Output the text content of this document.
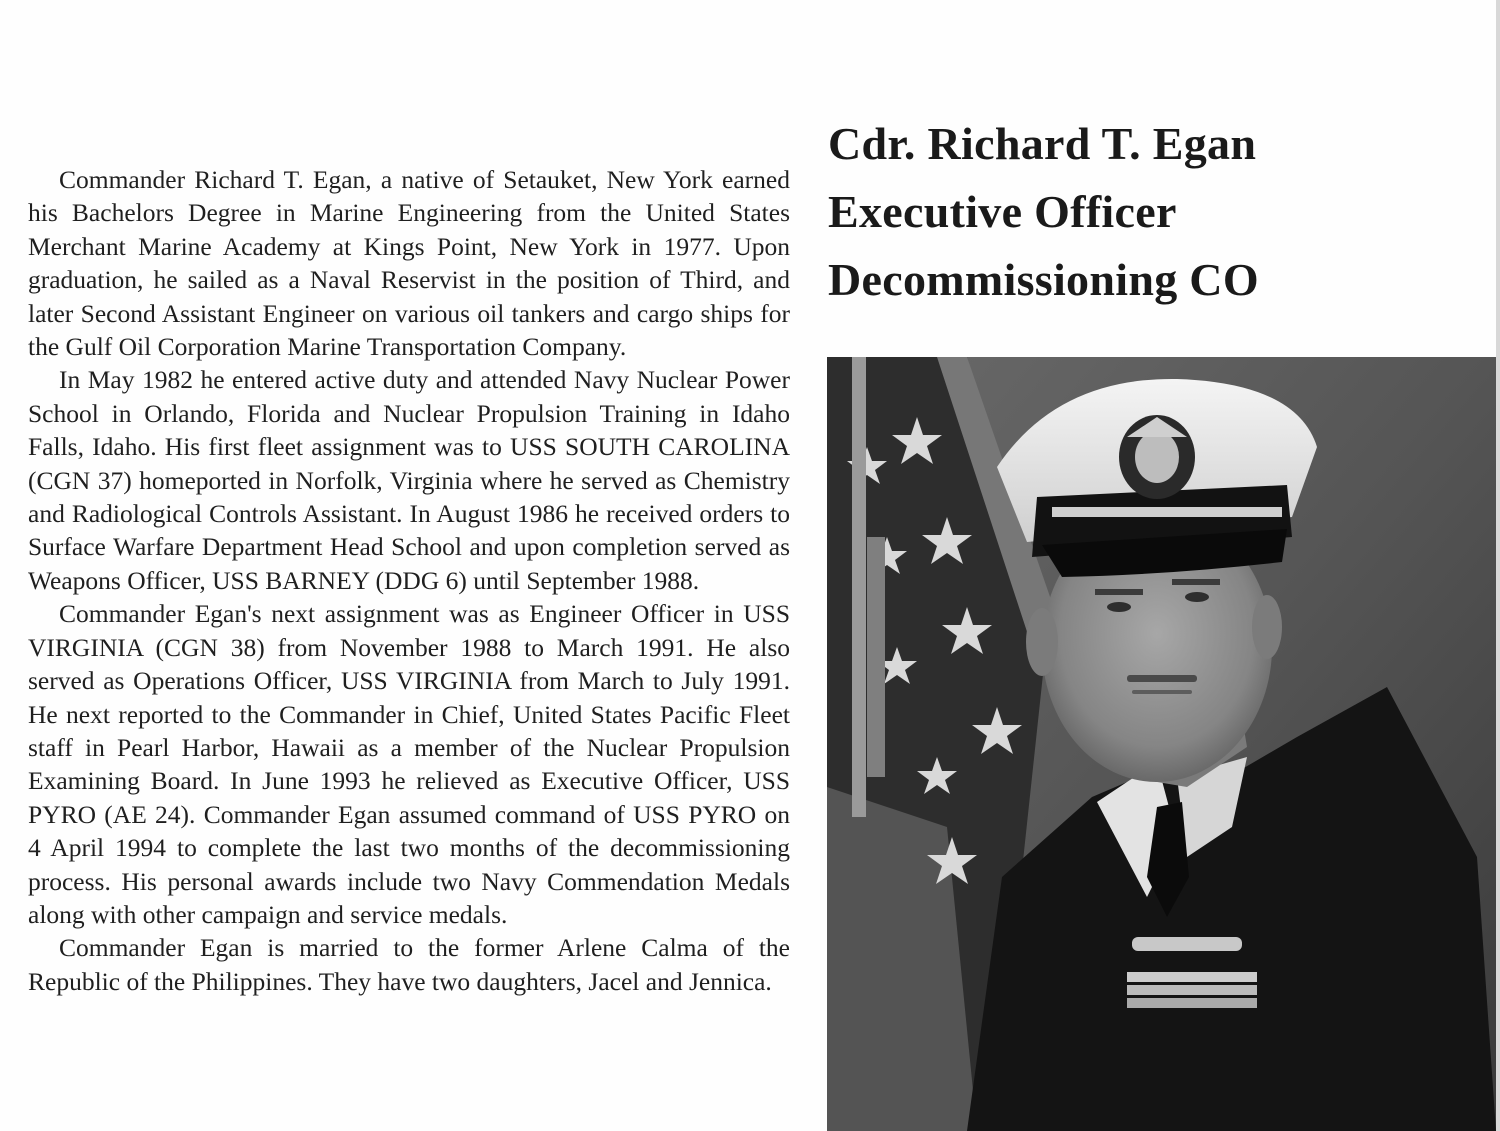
Commander Richard T. Egan, a native of Setauket, New York earned his Bachelors Degree in Marine Engineering from the United States Merchant Marine Academy at Kings Point, New York in 1977. Upon graduation, he sailed as a Naval Reservist in the position of Third, and later Second Assistant Engineer on various oil tankers and cargo ships for the Gulf Oil Corporation Marine Transportation Company.

In May 1982 he entered active duty and attended Navy Nuclear Power School in Orlando, Florida and Nuclear Propulsion Training in Idaho Falls, Idaho. His first fleet assignment was to USS SOUTH CAROLINA (CGN 37) homeported in Norfolk, Virginia where he served as Chemistry and Radiological Controls Assistant. In August 1986 he received orders to Surface Warfare Department Head School and upon completion served as Weapons Officer, USS BARNEY (DDG 6) until September 1988.

Commander Egan's next assignment was as Engineer Officer in USS VIRGINIA (CGN 38) from November 1988 to March 1991. He also served as Operations Officer, USS VIRGINIA from March to July 1991. He next reported to the Commander in Chief, United States Pacific Fleet staff in Pearl Harbor, Hawaii as a member of the Nuclear Propulsion Examining Board. In June 1993 he relieved as Executive Officer, USS PYRO (AE 24). Commander Egan assumed command of USS PYRO on 4 April 1994 to complete the last two months of the decommissioning process. His personal awards include two Navy Commendation Medals along with other campaign and service medals.

Commander Egan is married to the former Arlene Calma of the Republic of the Philippines. They have two daughters, Jacel and Jennica.

Cdr. Richard T. Egan
Executive Officer
Decommissioning CO
